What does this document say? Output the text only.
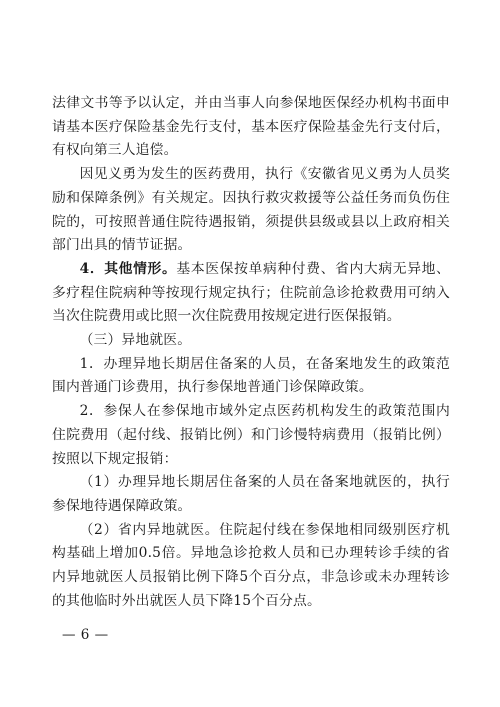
法律文书等予以认定，并由当事人向参保地医保经办机构书面申请基本医疗保险基金先行支付，基本医疗保险基金先行支付后，有权向第三人追偿。

因见义勇为发生的医药费用，执行《安徽省见义勇为人员奖励和保障条例》有关规定。因执行救灾救援等公益任务而负伤住院的，可按照普通住院待遇报销，须提供县级或县以上政府相关部门出具的情节证据。

4．其他情形。基本医保按单病种付费、省内大病无异地、多疗程住院病种等按现行规定执行；住院前急诊抢救费用可纳入当次住院费用或比照一次住院费用按规定进行医保报销。

（三）异地就医。

1．办理异地长期居住备案的人员，在备案地发生的政策范围内普通门诊费用，执行参保地普通门诊保障政策。

2．参保人在参保地市域外定点医药机构发生的政策范围内住院费用（起付线、报销比例）和门诊慢特病费用（报销比例）按照以下规定报销：

（1）办理异地长期居住备案的人员在备案地就医的，执行参保地待遇保障政策。

（2）省内异地就医。住院起付线在参保地相同级别医疗机构基础上增加0.5倍。异地急诊抢救人员和已办理转诊手续的省内异地就医人员报销比例下降5个百分点，非急诊或未办理转诊的其他临时外出就医人员下降15个百分点。

— 6 —
